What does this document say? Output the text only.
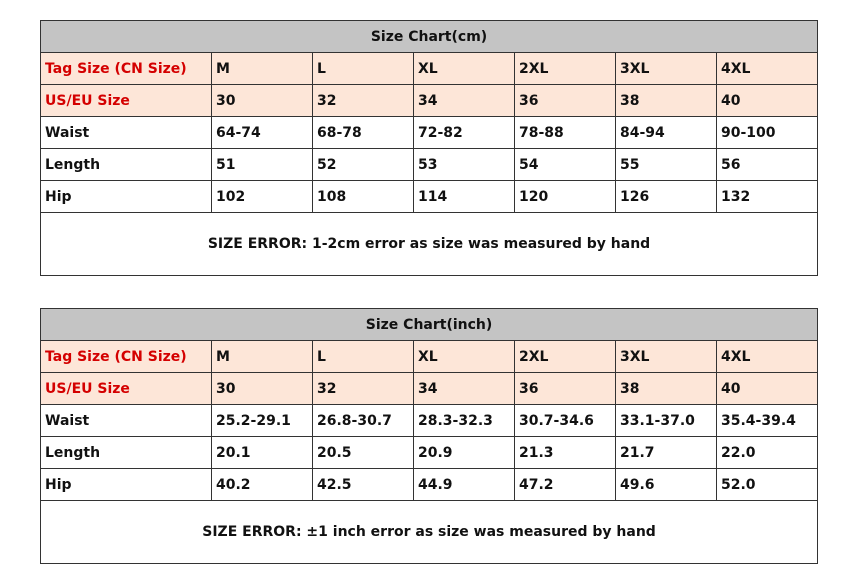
Size Chart(cm)						
Tag Size (CN Size)	M	L	XL	2XL	3XL	4XL
US/EU Size	30	32	34	36	38	40
Waist	64-74	68-78	72-82	78-88	84-94	90-100
Length	51	52	53	54	55	56
Hip	102	108	114	120	126	132
SIZE ERROR: 1-2cm error as size was measured by hand						
Size Chart(inch)						
Tag Size (CN Size)	M	L	XL	2XL	3XL	4XL
US/EU Size	30	32	34	36	38	40
Waist	25.2-29.1	26.8-30.7	28.3-32.3	30.7-34.6	33.1-37.0	35.4-39.4
Length	20.1	20.5	20.9	21.3	21.7	22.0
Hip	40.2	42.5	44.9	47.2	49.6	52.0
SIZE ERROR: ±1 inch error as size was measured by hand						
